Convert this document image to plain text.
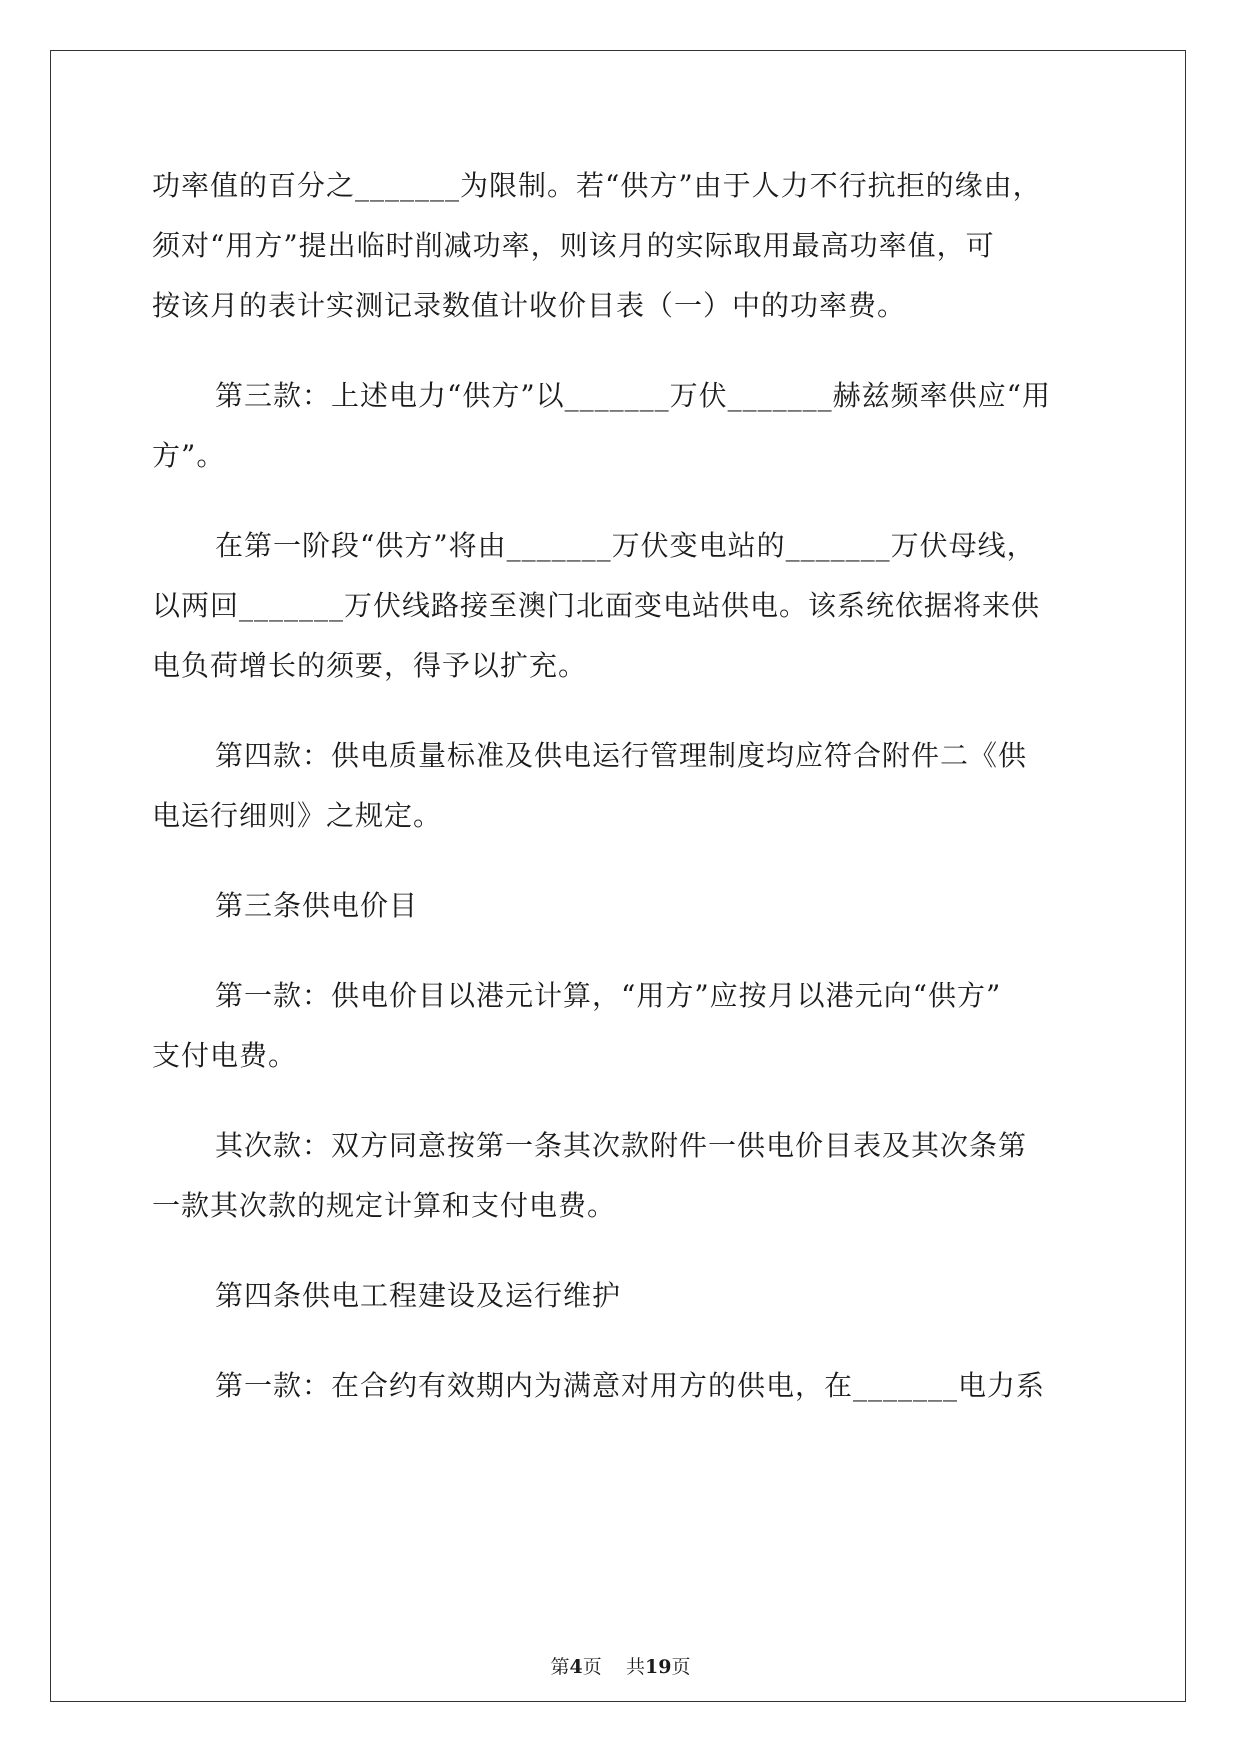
功率值的百分之_______为限制。若“供方”由于人力不行抗拒的缘由，
须对“用方”提出临时削减功率，则该月的实际取用最高功率值，可
按该月的表计实测记录数值计收价目表（一）中的功率费。
第三款：上述电力“供方”以_______万伏_______赫兹频率供应“用
方”。
在第一阶段“供方”将由_______万伏变电站的_______万伏母线，
以两回_______万伏线路接至澳门北面变电站供电。该系统依据将来供
电负荷增长的须要，得予以扩充。
第四款：供电质量标准及供电运行管理制度均应符合附件二《供
电运行细则》之规定。
第三条供电价目
第一款：供电价目以港元计算，“用方”应按月以港元向“供方”
支付电费。
其次款：双方同意按第一条其次款附件一供电价目表及其次条第
一款其次款的规定计算和支付电费。
第四条供电工程建设及运行维护
第一款：在合约有效期内为满意对用方的供电，在_______电力系
第4页 共19页
